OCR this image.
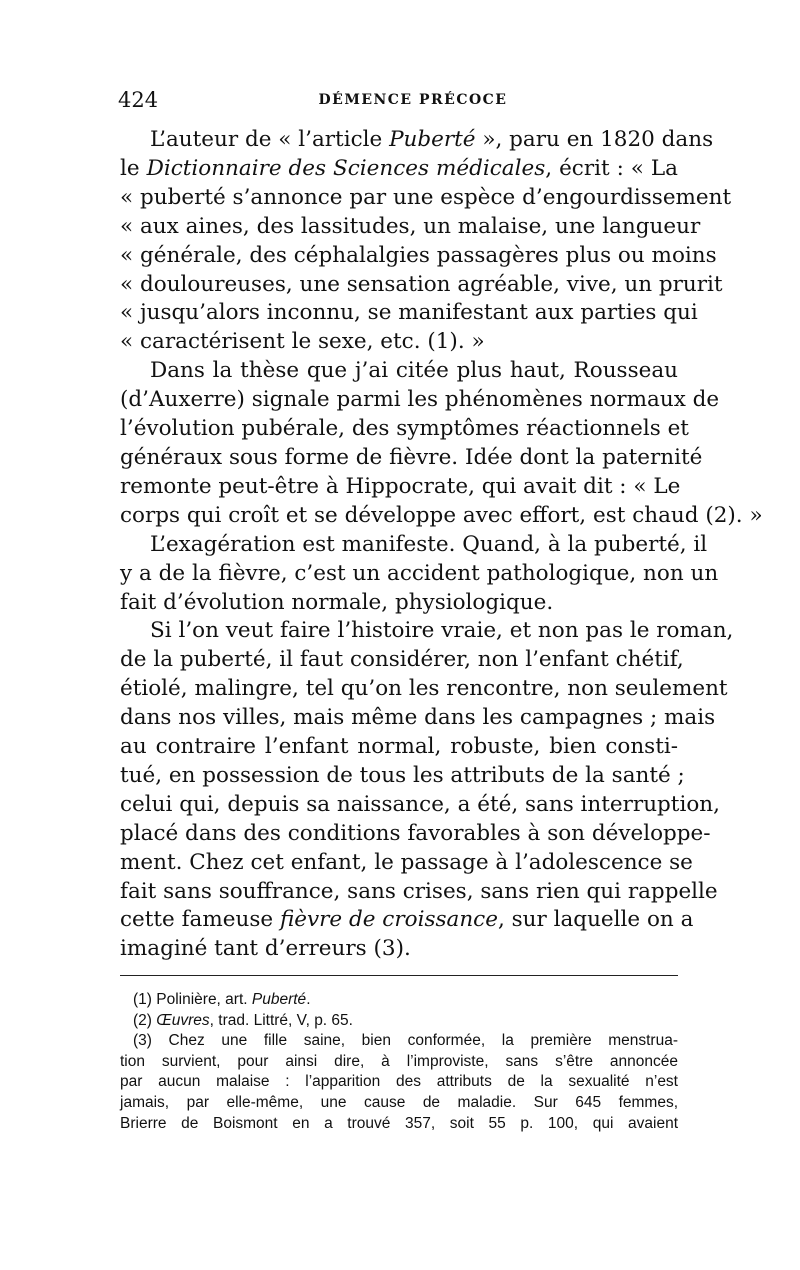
424	DÉMENCE PRÉCOCE
L’auteur de « l’article Puberté », paru en 1820 dans
le Dictionnaire des Sciences médicales, écrit : « La
« puberté s’annonce par une espèce d’engourdissement
« aux aines, des lassitudes, un malaise, une langueur
« générale, des céphalalgies passagères plus ou moins
« douloureuses, une sensation agréable, vive, un prurit
« jusqu’alors inconnu, se manifestant aux parties qui
« caractérisent le sexe, etc. (1). »
Dans la thèse que j’ai citée plus haut, Rousseau
(d’Auxerre) signale parmi les phénomènes normaux de
l’évolution pubérale, des symptômes réactionnels et
généraux sous forme de fièvre. Idée dont la paternité
remonte peut-être à Hippocrate, qui avait dit : « Le
corps qui croît et se développe avec effort, est chaud (2). »
L’exagération est manifeste. Quand, à la puberté, il
y a de la fièvre, c’est un accident pathologique, non un
fait d’évolution normale, physiologique.
Si l’on veut faire l’histoire vraie, et non pas le roman,
de la puberté, il faut considérer, non l’enfant chétif,
étiolé, malingre, tel qu’on les rencontre, non seulement
dans nos villes, mais même dans les campagnes ; mais
au contraire l’enfant normal, robuste, bien consti-
tué, en possession de tous les attributs de la santé ;
celui qui, depuis sa naissance, a été, sans interruption,
placé dans des conditions favorables à son développe-
ment. Chez cet enfant, le passage à l’adolescence se
fait sans souffrance, sans crises, sans rien qui rappelle
cette fameuse fièvre de croissance, sur laquelle on a
imaginé tant d’erreurs (3).
(1) Polinière, art. Puberté.
(2) Œuvres, trad. Littré, V, p. 65.
(3) Chez une fille saine, bien conformée, la première menstrua-
tion survient, pour ainsi dire, à l’improviste, sans s’être annoncée
par aucun malaise : l’apparition des attributs de la sexualité n’est
jamais, par elle-même, une cause de maladie. Sur 645 femmes,
Brierre de Boismont en a trouvé 357, soit 55 p. 100, qui avaient
